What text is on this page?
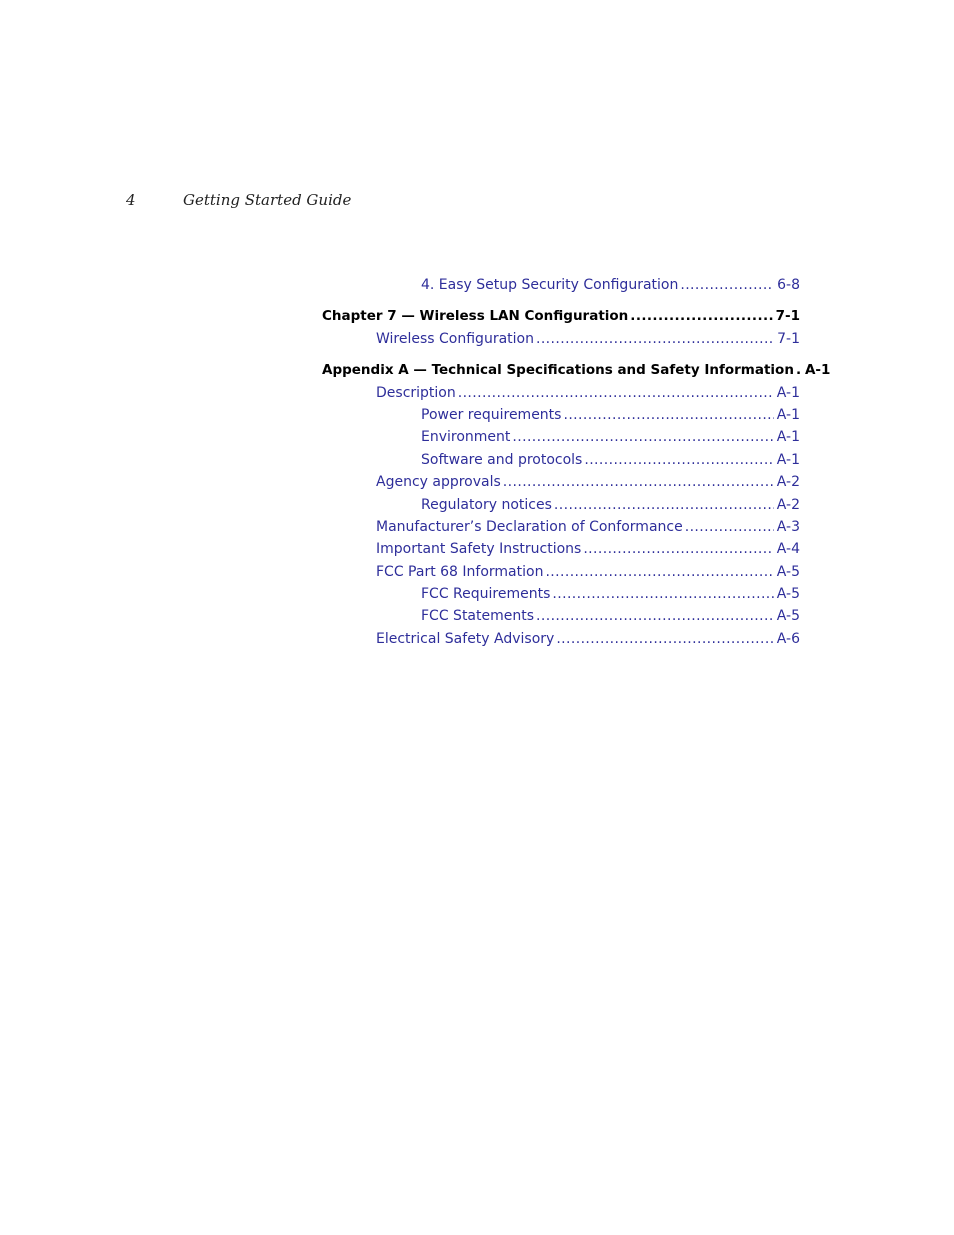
4	Getting Started Guide
4. Easy Setup Security Configuration .....	6-8
Chapter 7 — Wireless LAN Configuration .....	7-1
Wireless Configuration .....	7-1
Appendix A — Technical Specifications and Safety Information ..... A-1
Description .....	A-1
Power requirements .....	A-1
Environment .....	A-1
Software and protocols .....	A-1
Agency approvals .....	A-2
Regulatory notices .....	A-2
Manufacturer’s Declaration of Conformance .....	A-3
Important Safety Instructions .....	A-4
FCC Part 68 Information .....	A-5
FCC Requirements .....	A-5
FCC Statements .....	A-5
Electrical Safety Advisory .....	A-6
